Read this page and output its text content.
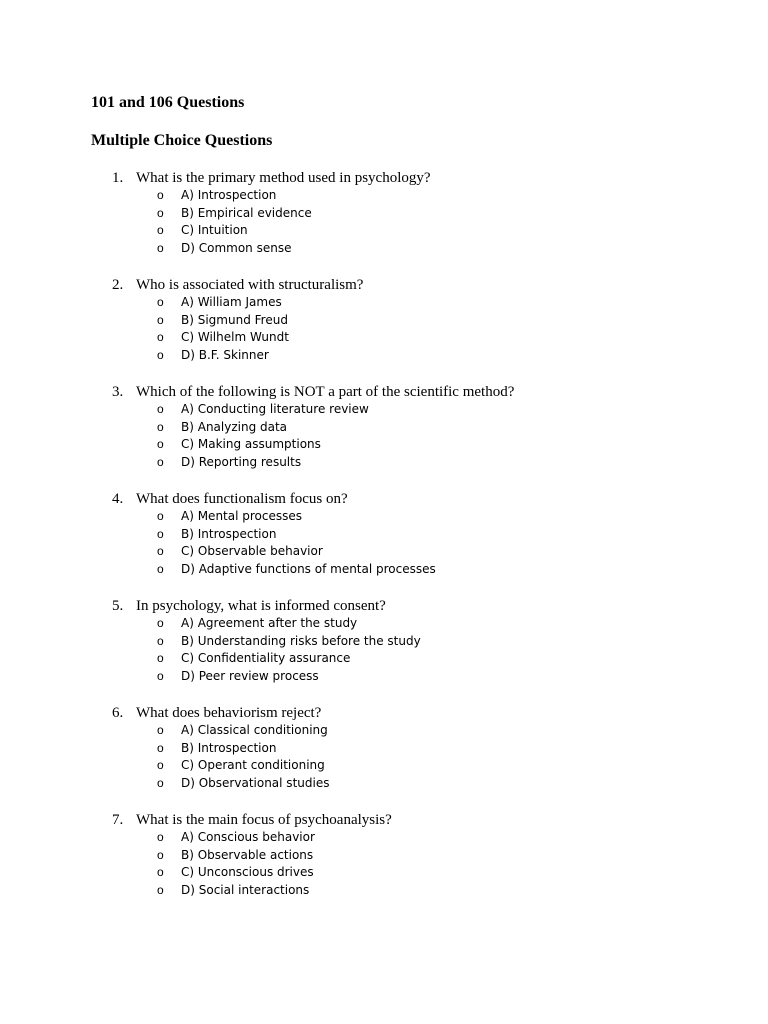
101 and 106 Questions
Multiple Choice Questions
1. What is the primary method used in psychology?
o A) Introspection
o B) Empirical evidence
o C) Intuition
o D) Common sense
2. Who is associated with structuralism?
o A) William James
o B) Sigmund Freud
o C) Wilhelm Wundt
o D) B.F. Skinner
3. Which of the following is NOT a part of the scientific method?
o A) Conducting literature review
o B) Analyzing data
o C) Making assumptions
o D) Reporting results
4. What does functionalism focus on?
o A) Mental processes
o B) Introspection
o C) Observable behavior
o D) Adaptive functions of mental processes
5. In psychology, what is informed consent?
o A) Agreement after the study
o B) Understanding risks before the study
o C) Confidentiality assurance
o D) Peer review process
6. What does behaviorism reject?
o A) Classical conditioning
o B) Introspection
o C) Operant conditioning
o D) Observational studies
7. What is the main focus of psychoanalysis?
o A) Conscious behavior
o B) Observable actions
o C) Unconscious drives
o D) Social interactions
